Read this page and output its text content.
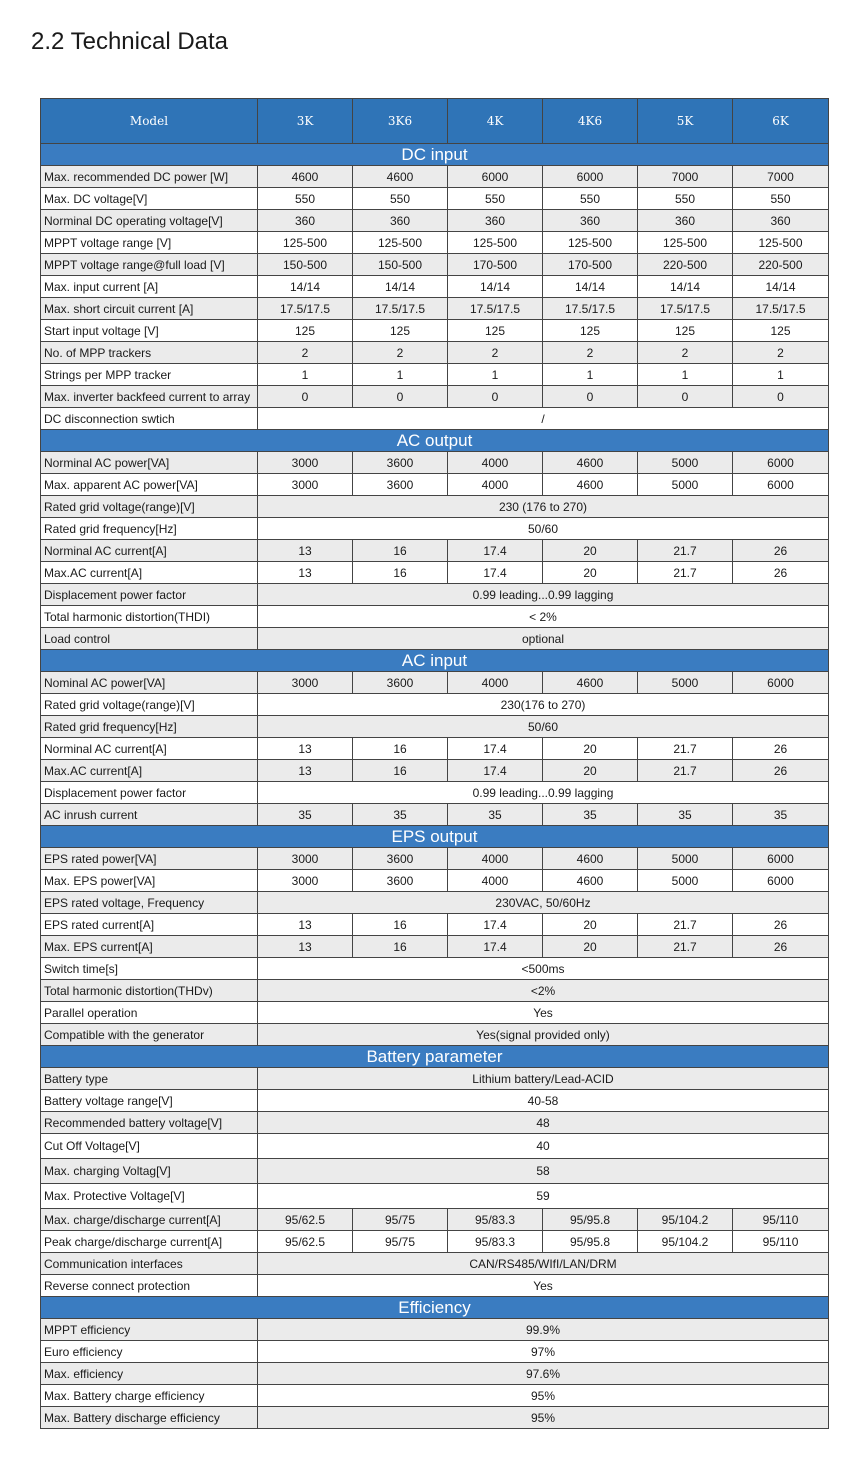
2.2 Technical Data
Model	3K	3K6	4K	4K6	5K	6K
DC input						
Max. recommended DC power [W]	4600	4600	6000	6000	7000	7000
Max. DC voltage[V]	550	550	550	550	550	550
Norminal DC operating voltage[V]	360	360	360	360	360	360
MPPT voltage range [V]	125-500	125-500	125-500	125-500	125-500	125-500
MPPT voltage range@full load [V]	150-500	150-500	170-500	170-500	220-500	220-500
Max. input current [A]	14/14	14/14	14/14	14/14	14/14	14/14
Max. short circuit current [A]	17.5/17.5	17.5/17.5	17.5/17.5	17.5/17.5	17.5/17.5	17.5/17.5
Start input voltage [V]	125	125	125	125	125	125
No. of MPP trackers	2	2	2	2	2	2
Strings per MPP tracker	1	1	1	1	1	1
Max. inverter backfeed current to array	0	0	0	0	0	0
DC disconnection swtich	/					
AC output						
Norminal AC power[VA]	3000	3600	4000	4600	5000	6000
Max. apparent AC power[VA]	3000	3600	4000	4600	5000	6000
Rated grid voltage(range)[V]	230 (176 to 270)					
Rated grid frequency[Hz]	50/60					
Norminal AC current[A]	13	16	17.4	20	21.7	26
Max.AC current[A]	13	16	17.4	20	21.7	26
Displacement power factor	0.99 leading...0.99 lagging					
Total harmonic distortion(THDI)	< 2%					
Load control	optional					
AC input						
Nominal AC power[VA]	3000	3600	4000	4600	5000	6000
Rated grid voltage(range)[V]	230(176 to 270)					
Rated grid frequency[Hz]	50/60					
Norminal AC current[A]	13	16	17.4	20	21.7	26
Max.AC current[A]	13	16	17.4	20	21.7	26
Displacement power factor	0.99 leading...0.99 lagging					
AC inrush current	35	35	35	35	35	35
EPS output						
EPS rated power[VA]	3000	3600	4000	4600	5000	6000
Max. EPS power[VA]	3000	3600	4000	4600	5000	6000
EPS rated voltage, Frequency	230VAC, 50/60Hz					
EPS rated current[A]	13	16	17.4	20	21.7	26
Max. EPS current[A]	13	16	17.4	20	21.7	26
Switch time[s]	<500ms					
Total harmonic distortion(THDv)	<2%					
Parallel operation	Yes					
Compatible with the generator	Yes(signal provided only)					
Battery parameter						
Battery type	Lithium battery/Lead-ACID					
Battery voltage range[V]	40-58					
Recommended battery voltage[V]	48					
Cut Off Voltage[V]	40					
Max. charging Voltag[V]	58					
Max. Protective Voltage[V]	59					
Max. charge/discharge current[A]	95/62.5	95/75	95/83.3	95/95.8	95/104.2	95/110
Peak charge/discharge current[A]	95/62.5	95/75	95/83.3	95/95.8	95/104.2	95/110
Communication interfaces	CAN/RS485/WIfI/LAN/DRM					
Reverse connect protection	Yes					
Efficiency						
MPPT efficiency	99.9%					
Euro efficiency	97%					
Max. efficiency	97.6%					
Max. Battery charge efficiency	95%					
Max. Battery discharge efficiency	95%					
